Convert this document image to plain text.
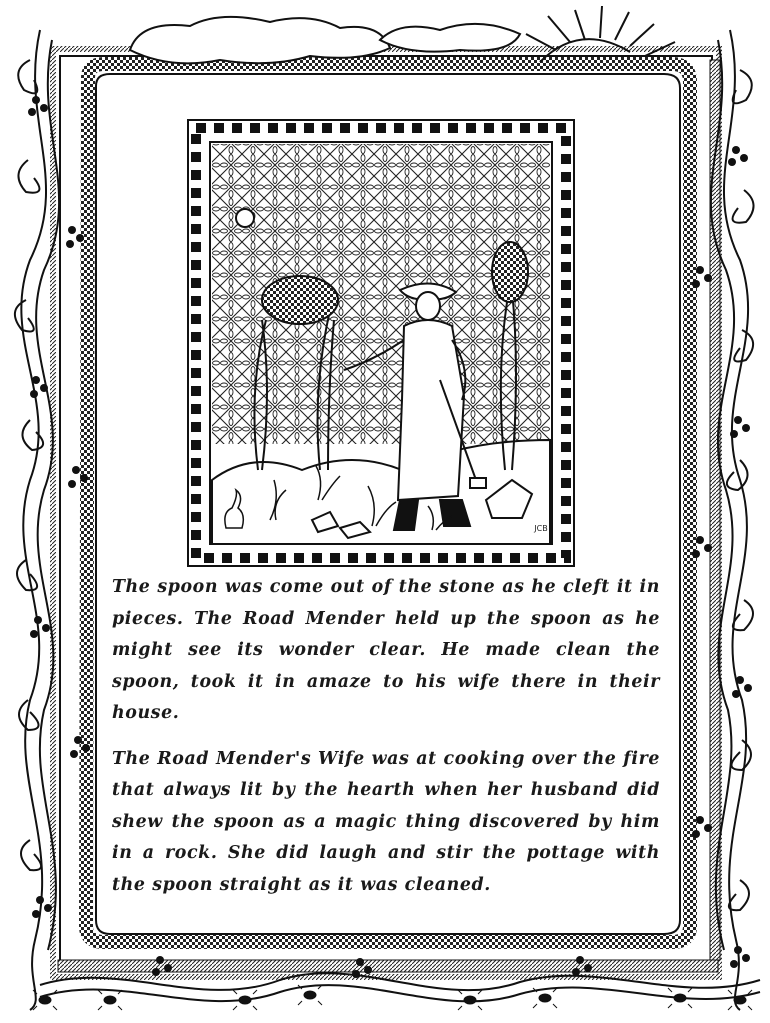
JCB

The spoon was come out of the stone as he cleft it in pieces. The Road Mender held up the spoon as he might see its wonder clear. He made clean the spoon, took it in amaze to his wife there in their house.

The Road Mender's Wife was at cooking over the fire that always lit by the hearth when her husband did shew the spoon as a magic thing discovered by him in a rock. She did laugh and stir the pottage with the spoon straight as it was cleaned.
